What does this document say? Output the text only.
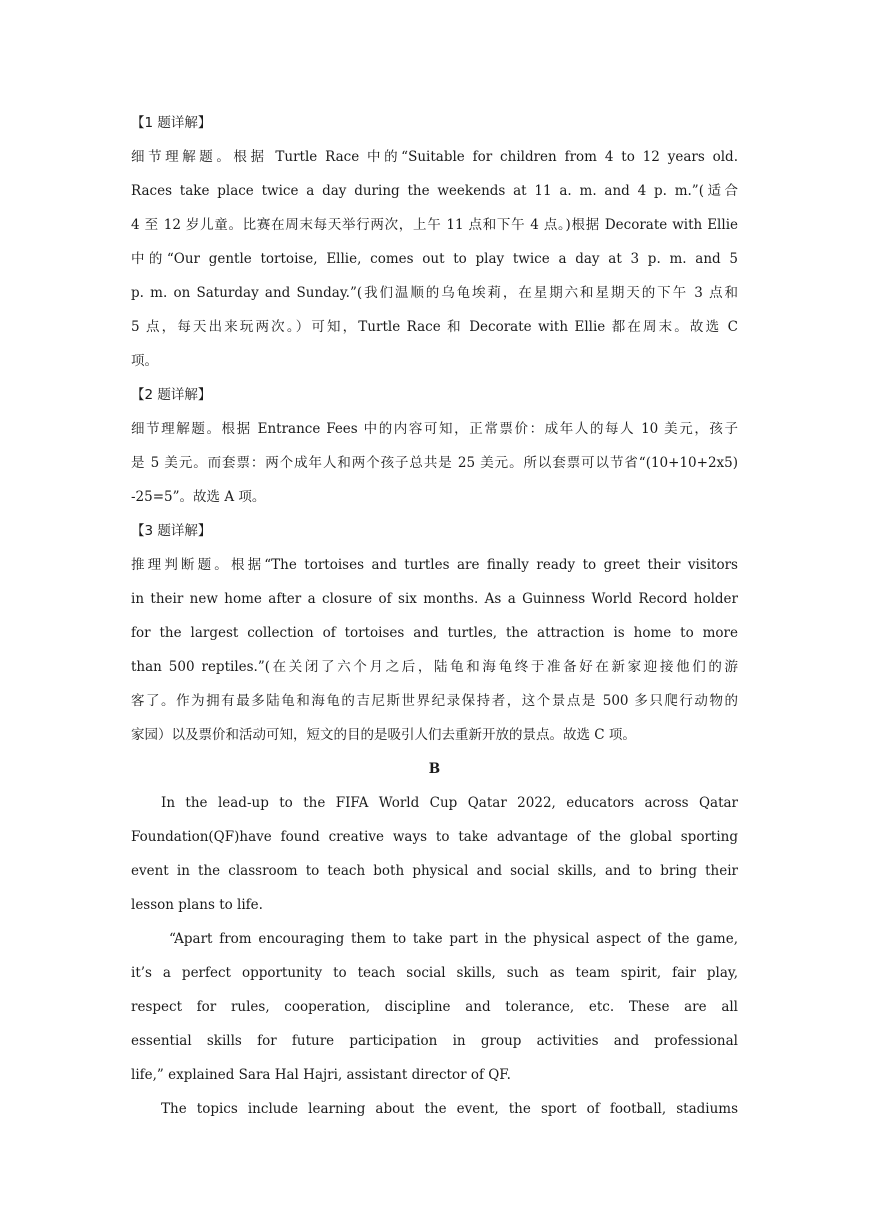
【1 题详解】
细节理解题。根据 Turtle Race 中的“Suitable for children from 4 to 12 years old.
Races take place twice a day during the weekends at 11 a. m. and 4 p. m.”(适合
4 至 12 岁儿童。比赛在周末每天举行两次，上午 11 点和下午 4 点。)根据 Decorate with Ellie
中的“Our gentle tortoise, Ellie, comes out to play twice a day at 3 p. m. and 5
p. m. on Saturday and Sunday.”(我们温顺的乌龟埃莉，在星期六和星期天的下午 3 点和
5 点，每天出来玩两次。）可知，Turtle Race 和 Decorate with Ellie 都在周末。故选 C
项。
【2 题详解】
细节理解题。根据 Entrance Fees 中的内容可知，正常票价：成年人的每人 10 美元，孩子
是 5 美元。而套票：两个成年人和两个孩子总共是 25 美元。所以套票可以节省“(10+10+2x5)
-25=5”。故选 A 项。
【3 题详解】
推理判断题。根据“The tortoises and turtles are finally ready to greet their visitors
in their new home after a closure of six months. As a Guinness World Record holder
for the largest collection of tortoises and turtles, the attraction is home to more
than 500 reptiles.”(在关闭了六个月之后，陆龟和海龟终于准备好在新家迎接他们的游
客了。作为拥有最多陆龟和海龟的吉尼斯世界纪录保持者，这个景点是 500 多只爬行动物的
家园）以及票价和活动可知，短文的目的是吸引人们去重新开放的景点。故选 C 项。
B
In the lead-up to the FIFA World Cup Qatar 2022, educators across Qatar
Foundation(QF)have found creative ways to take advantage of the global sporting
event in the classroom to teach both physical and social skills, and to bring their
lesson plans to life.
“Apart from encouraging them to take part in the physical aspect of the game,
it’s a perfect opportunity to teach social skills, such as team spirit, fair play,
respect for rules, cooperation, discipline and tolerance, etc. These are all
essential skills for future participation in group activities and professional
life,” explained Sara Hal Hajri, assistant director of QF.
The topics include learning about the event, the sport of football, stadiums
